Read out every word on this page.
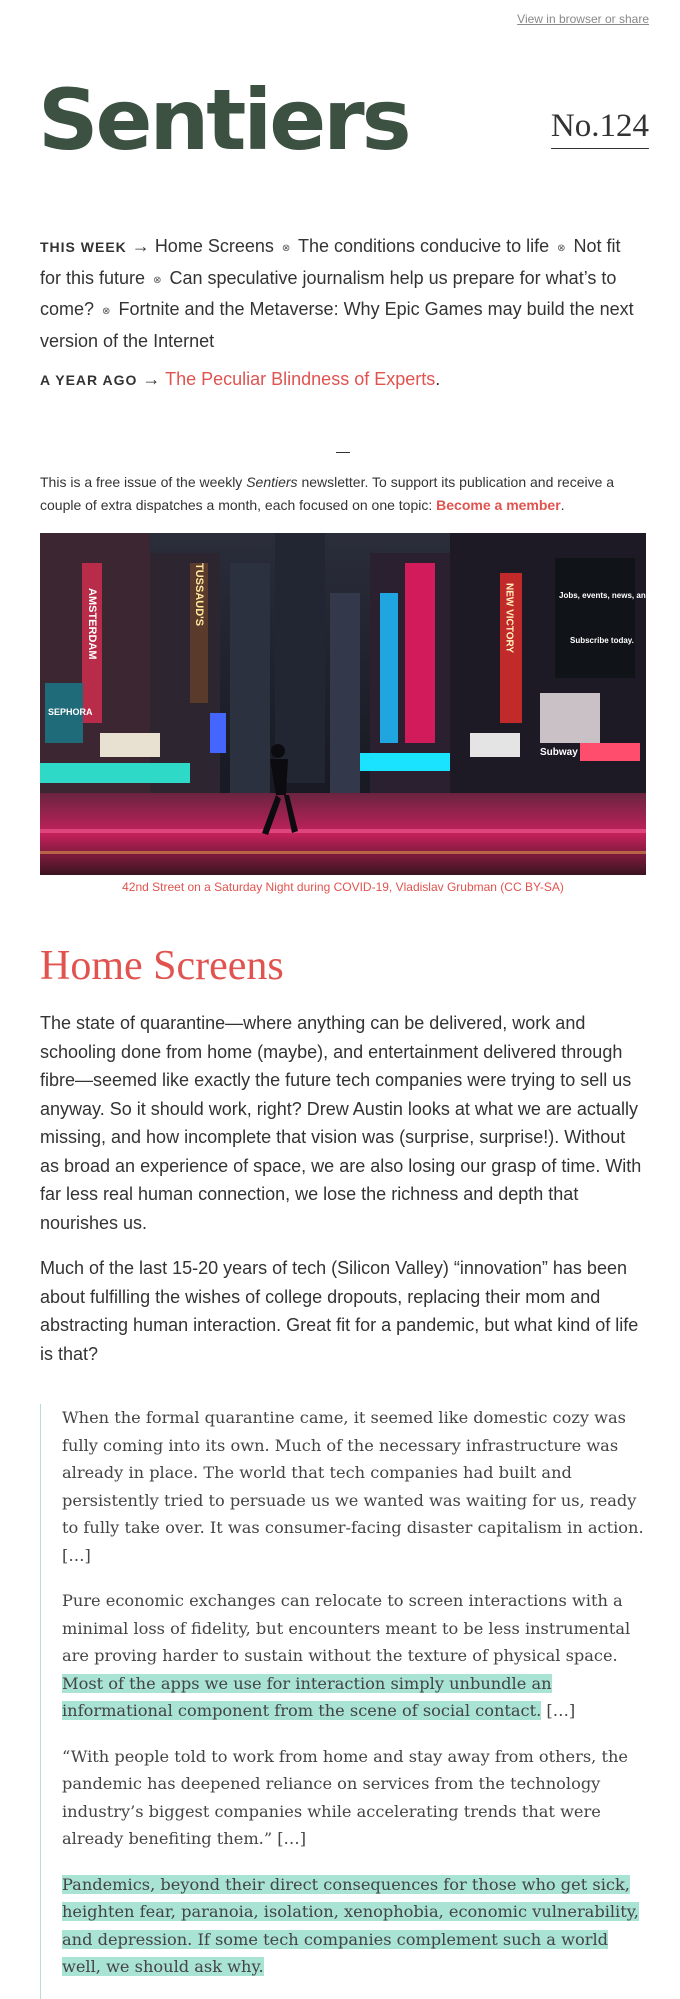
View in browser or share
Sentiers	No.124
THIS WEEK → Home Screens ⊗ The conditions conducive to life ⊗ Not fit for this future ⊗ Can speculative journalism help us prepare for what’s to come? ⊗ Fortnite and the Metaverse: Why Epic Games may build the next version of the Internet
A YEAR AGO → The Peculiar Blindness of Experts.
This is a free issue of the weekly Sentiers newsletter. To support its publication and receive a couple of extra dispatches a month, each focused on one topic: Become a member.
AMSTERDAM	TUSSAUD'S	NEW VICTORY	Jobs, events, news, and more!
Subscribe today.
SEPHORA
Subway
42nd Street on a Saturday Night during COVID-19, Vladislav Grubman (CC BY-SA)
Home Screens

The state of quarantine—where anything can be delivered, work and schooling done from home (maybe), and entertainment delivered through fibre—seemed like exactly the future tech companies were trying to sell us anyway. So it should work, right? Drew Austin looks at what we are actually missing, and how incomplete that vision was (surprise, surprise!). Without as broad an experience of space, we are also losing our grasp of time. With far less real human connection, we lose the richness and depth that nourishes us.

Much of the last 15-20 years of tech (Silicon Valley) “innovation” has been about fulfilling the wishes of college dropouts, replacing their mom and abstracting human interaction. Great fit for a pandemic, but what kind of life is that?

When the formal quarantine came, it seemed like domestic cozy was fully coming into its own. Much of the necessary infrastructure was already in place. The world that tech companies had built and persistently tried to persuade us we wanted was waiting for us, ready to fully take over. It was consumer-facing disaster capitalism in action. […]

Pure economic exchanges can relocate to screen interactions with a minimal loss of fidelity, but encounters meant to be less instrumental are proving harder to sustain without the texture of physical space. Most of the apps we use for interaction simply unbundle an informational component from the scene of social contact. […]

“With people told to work from home and stay away from others, the pandemic has deepened reliance on services from the technology industry’s biggest companies while accelerating trends that were already benefiting them.” […]

Pandemics, beyond their direct consequences for those who get sick, heighten fear, paranoia, isolation, xenophobia, economic vulnerability, and depression. If some tech companies complement such a world well, we should ask why.
